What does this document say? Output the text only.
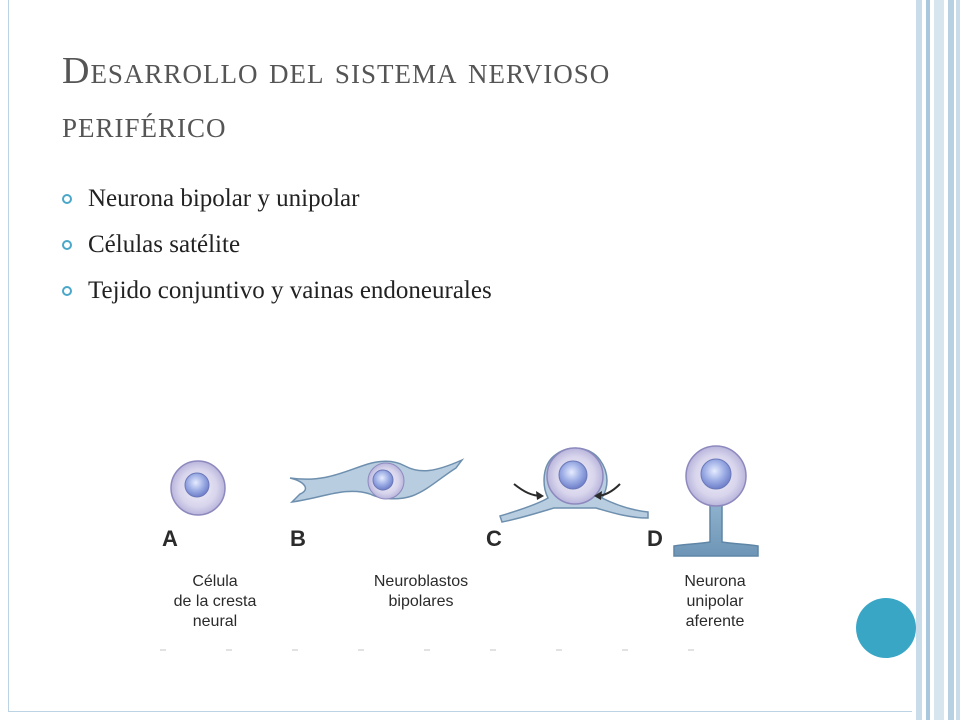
Desarrollo del sistema nervioso
periférico
Neurona bipolar y unipolar
Células satélite
Tejido conjuntivo y vainas endoneurales
A	B	C	D
Célula
de la cresta
neural
Neuroblastos
bipolares
Neurona
unipolar
aferente
